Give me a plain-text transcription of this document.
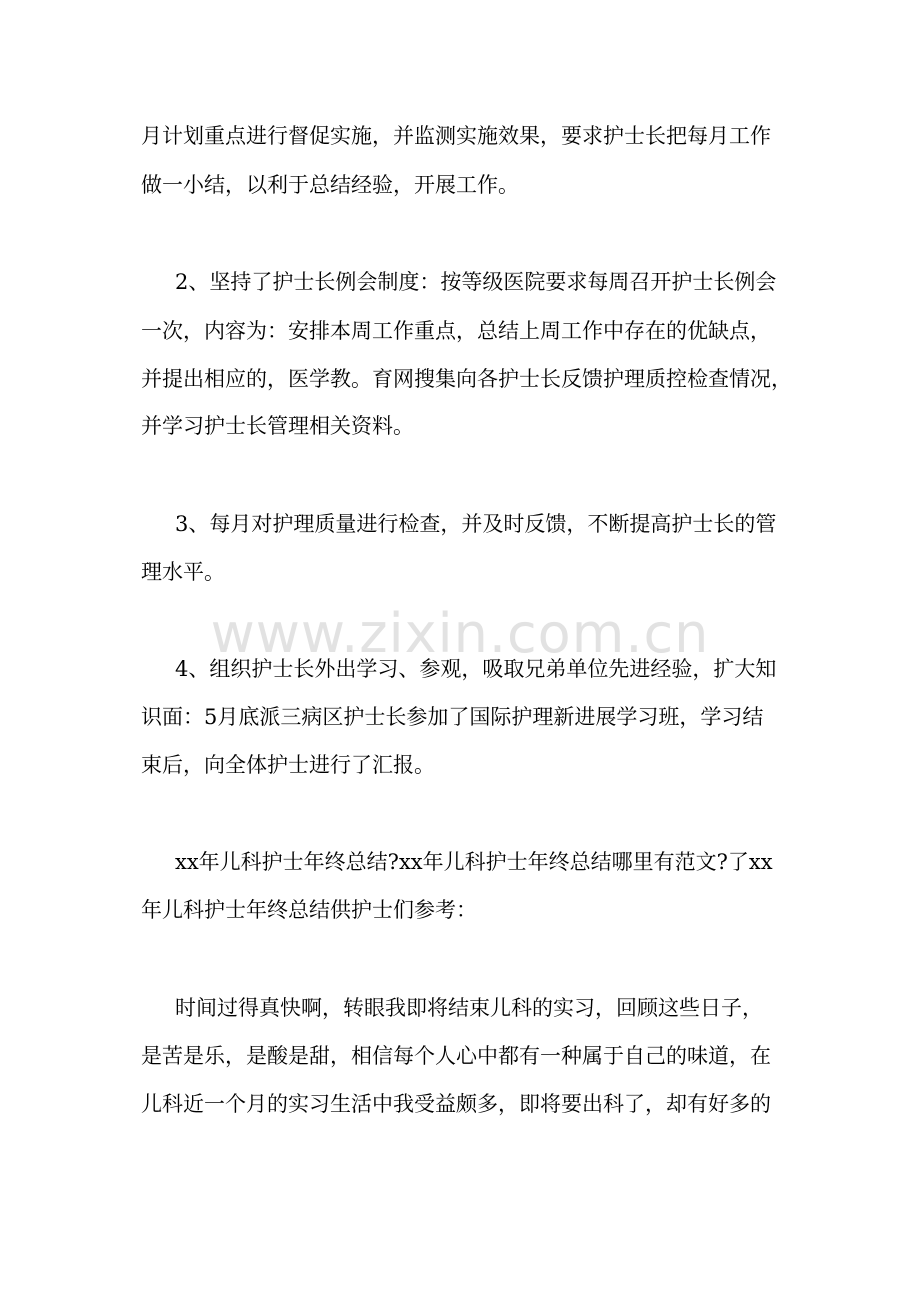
www.zixin.com.cn

月计划重点进行督促实施，并监测实施效果，要求护士长把每月工作

做一小结，以利于总结经验，开展工作。

2、坚持了护士长例会制度：按等级医院要求每周召开护士长例会

一次，内容为：安排本周工作重点，总结上周工作中存在的优缺点，

并提出相应的，医学教。育网搜集向各护士长反馈护理质控检查情况，

并学习护士长管理相关资料。

3、每月对护理质量进行检查，并及时反馈，不断提高护士长的管

理水平。

4、组织护士长外出学习、参观，吸取兄弟单位先进经验，扩大知

识面：5月底派三病区护士长参加了国际护理新进展学习班，学习结

束后，向全体护士进行了汇报。

xx年儿科护士年终总结?xx年儿科护士年终总结哪里有范文?了xx

年儿科护士年终总结供护士们参考：

时间过得真快啊，转眼我即将结束儿科的实习，回顾这些日子，

是苦是乐，是酸是甜，相信每个人心中都有一种属于自己的味道，在

儿科近一个月的实习生活中我受益颇多，即将要出科了，却有好多的
